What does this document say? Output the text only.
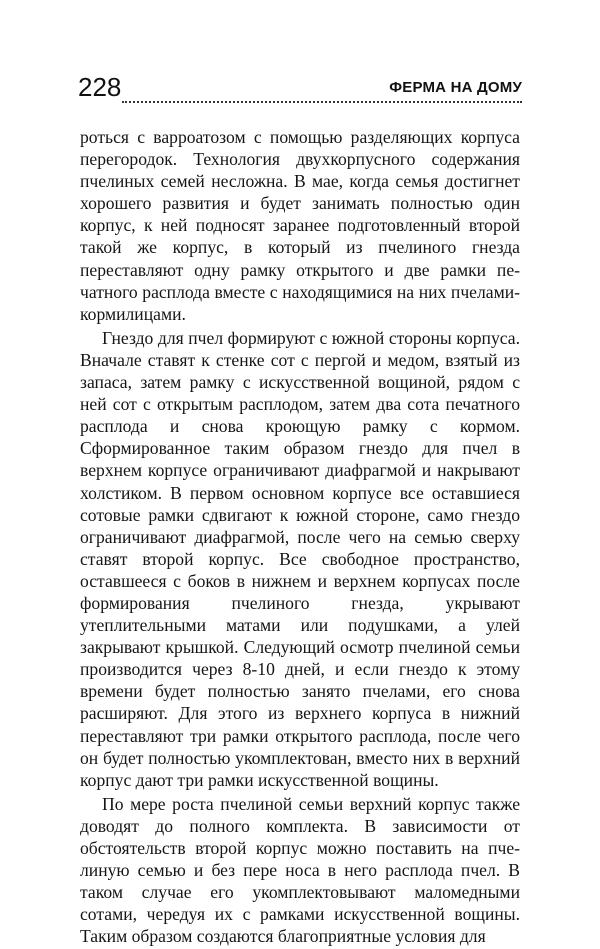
228	ФЕРМА НА ДОМУ

роться с варроатозом с помощью разделяющих корпуса перегородок. Технология двухкорпусного содержания пчелиных семей несложна. В мае, когда семья достигнет хорошего развития и будет занимать полностью один корпус, к ней подносят заранее подготовленный второй такой же корпус, в который из пчелиного гнезда переставляют одну рамку открытого и две рамки печатного расплода вместе с находящимися на них пчелами-кормилицами.

Гнездо для пчел формируют с южной стороны корпуса. Вначале ставят к стенке сот с пергой и медом, взятый из запаса, затем рамку с искусственной вощиной, рядом с ней сот с открытым расплодом, затем два сота печатного расплода и снова кроющую рамку с кормом. Сформированное таким образом гнездо для пчел в верхнем корпусе ограничивают диафрагмой и накрывают холстиком. В первом основном корпусе все оставшиеся сотовые рамки сдвигают к южной стороне, само гнездо ограничивают диафрагмой, после чего на семью сверху ставят второй корпус. Все свободное пространство, оставшееся с боков в нижнем и верхнем корпусах после формирования пчелиного гнезда, укрывают утеплительными матами или подушками, а улей закрывают крышкой. Следующий осмотр пчелиной семьи производится через 8-10 дней, и если гнездо к этому времени будет полностью занято пчелами, его снова расширяют. Для этого из верхнего корпуса в нижний переставляют три рамки открытого расплода, после чего он будет полностью укомплектован, вместо них в верхний корпус дают три рамки искусственной вощины.

По мере роста пчелиной семьи верхний корпус также доводят до полного комплекта. В зависимости от обстоятельств второй корпус можно поставить на пчелиную семью и без пере носа в него расплода пчел. В таком случае его укомплектовывают маломедными сотами, чередуя их с рамками искусственной вощины. Таким образом создаются благоприятные условия для
